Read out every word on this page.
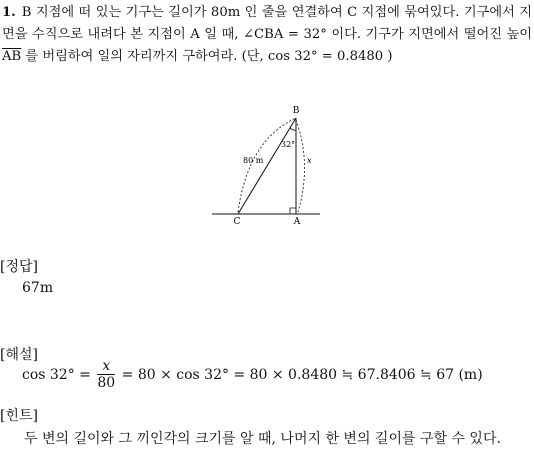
1. B 지점에 떠 있는 기구는 길이가 80m 인 줄을 연결하여 C 지점에 묶여있다. 기구에서 지면을 수직으로 내려다 본 지점이 A 일 때, ∠CBA = 32° 이다. 기구가 지면에서 떨어진 높이 $\overline{AB}$ 를 버림하여 일의 자리까지 구하여라. (단, cos 32° = 0.8480 )
B
C	A
80 m
32°
x
[정답]
67m
[해설]
$\cos 32^\circ = \frac{x}{80} = 80 \times \cos 32^\circ = 80 \times 0.8480$ ≒ 67.8406 ≒ 67 (m)
[힌트]
두 변의 길이와 그 끼인각의 크기를 알 때, 나머지 한 변의 길이를 구할 수 있다.
